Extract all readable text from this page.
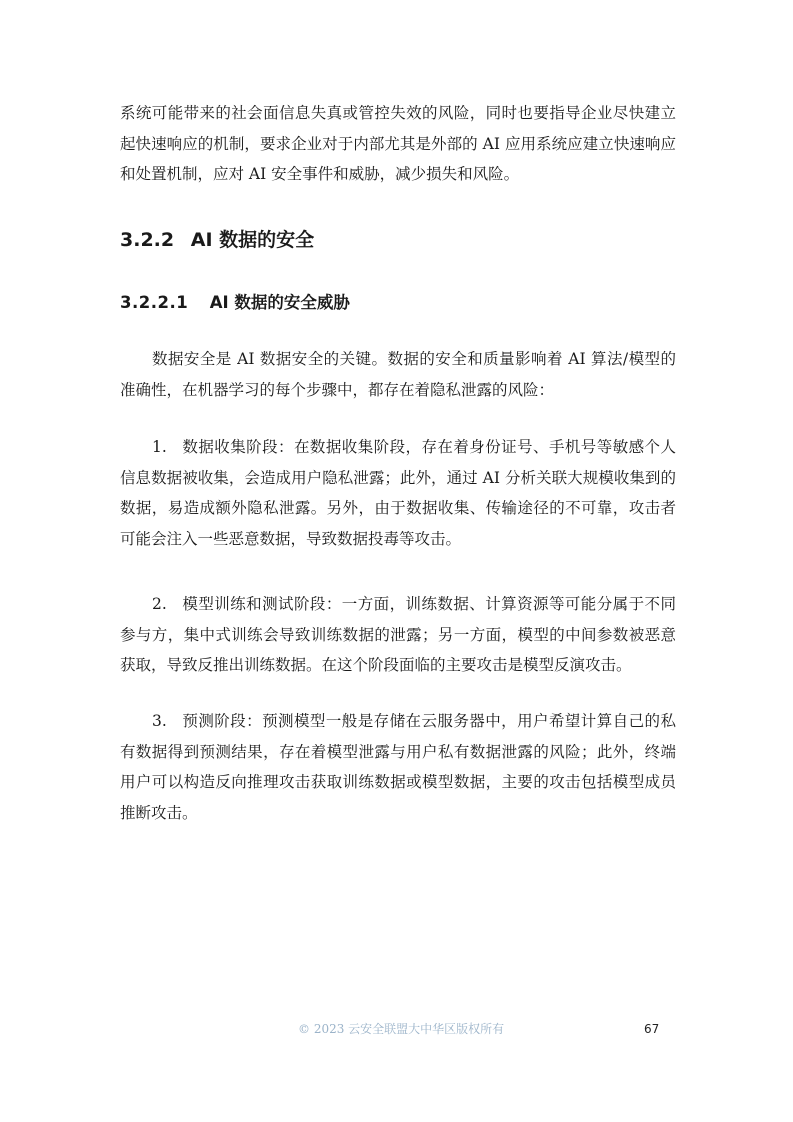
系统可能带来的社会面信息失真或管控失效的风险，同时也要指导企业尽快建立起快速响应的机制，要求企业对于内部尤其是外部的 AI 应用系统应建立快速响应和处置机制，应对 AI 安全事件和威胁，减少损失和风险。

3.2.2 AI 数据的安全
3.2.2.1 AI 数据的安全威胁

数据安全是 AI 数据安全的关键。数据的安全和质量影响着 AI 算法/模型的准确性，在机器学习的每个步骤中，都存在着隐私泄露的风险：

1. 数据收集阶段：在数据收集阶段，存在着身份证号、手机号等敏感个人信息数据被收集，会造成用户隐私泄露；此外，通过 AI 分析关联大规模收集到的数据，易造成额外隐私泄露。另外，由于数据收集、传输途径的不可靠，攻击者可能会注入一些恶意数据，导致数据投毒等攻击。

2. 模型训练和测试阶段：一方面，训练数据、计算资源等可能分属于不同参与方，集中式训练会导致训练数据的泄露；另一方面，模型的中间参数被恶意获取，导致反推出训练数据。在这个阶段面临的主要攻击是模型反演攻击。

3. 预测阶段：预测模型一般是存储在云服务器中，用户希望计算自己的私有数据得到预测结果，存在着模型泄露与用户私有数据泄露的风险；此外，终端用户可以构造反向推理攻击获取训练数据或模型数据，主要的攻击包括模型成员推断攻击。

© 2023 云安全联盟大中华区版权所有	67
